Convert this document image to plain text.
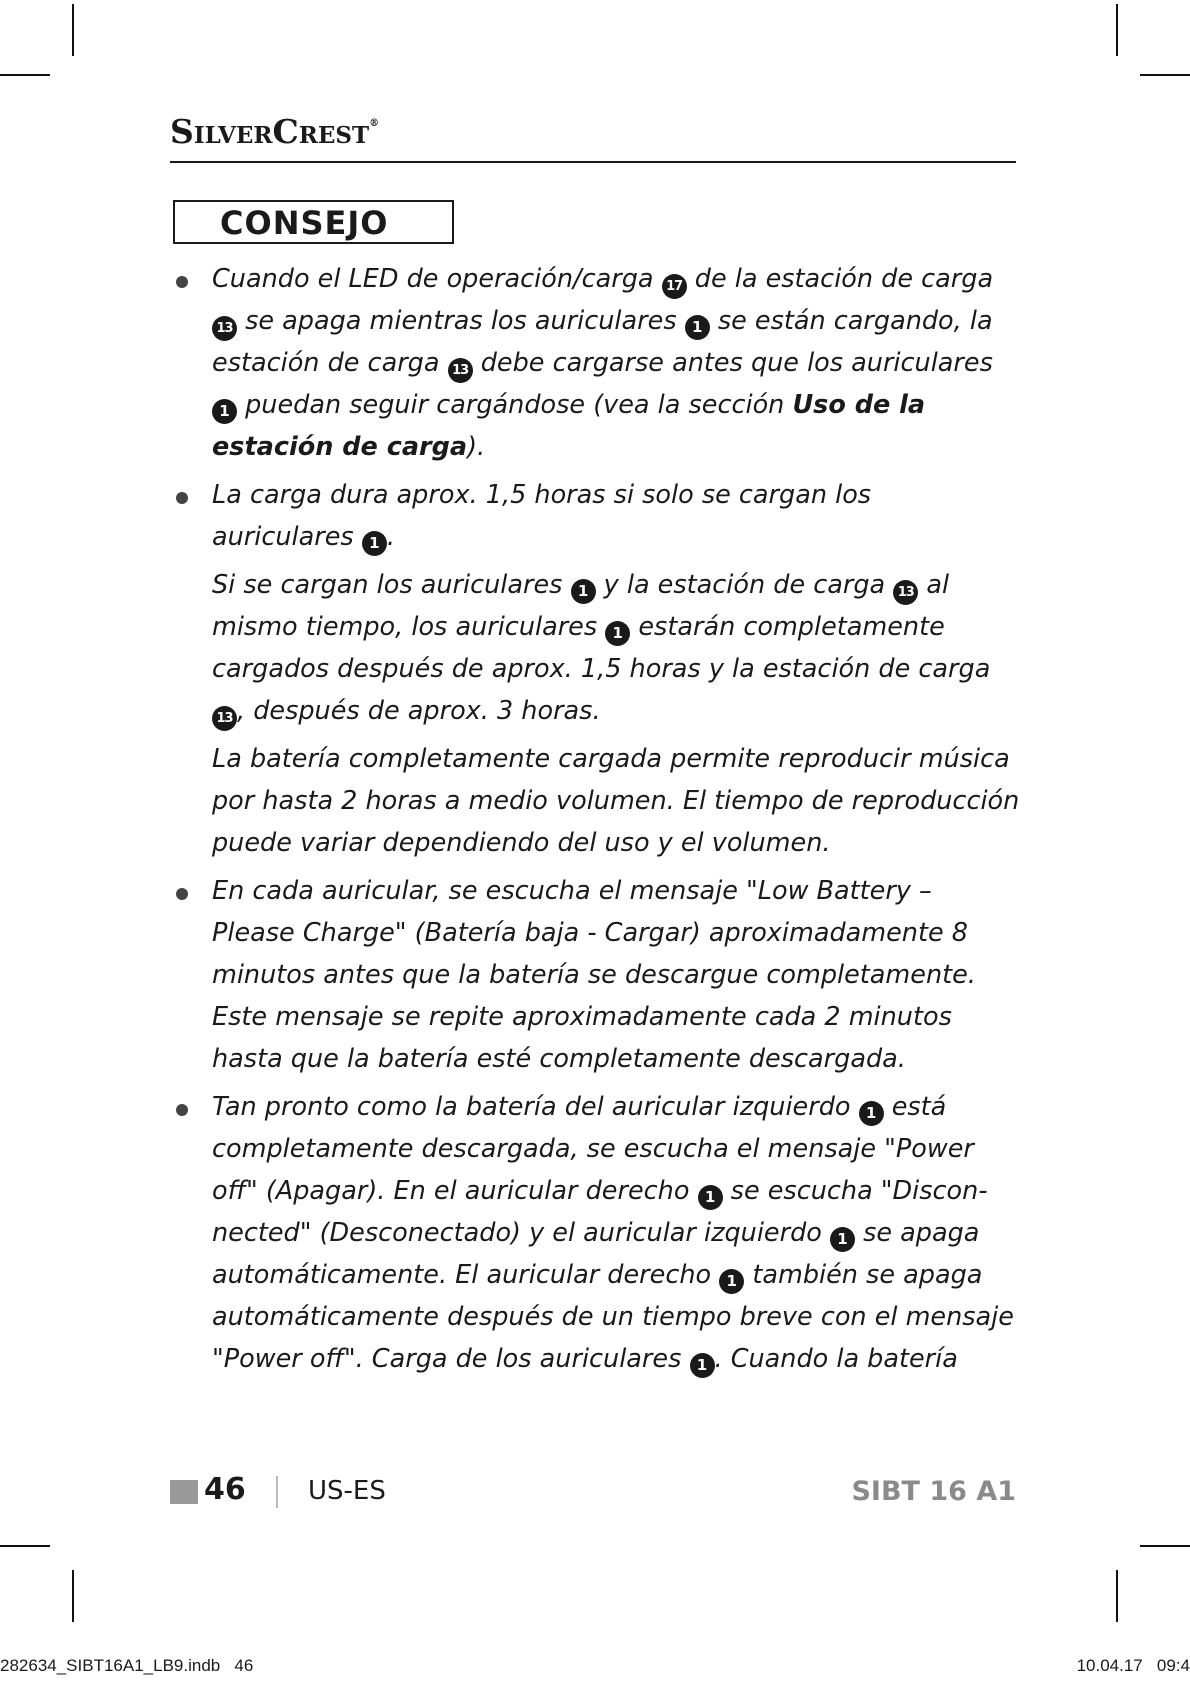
SilverCrest®
CONSEJO

Cuando el LED de operación/carga 17 de la estación de carga 13 se apaga mientras los auriculares 1 se están cargando, la estación de carga 13 debe cargarse antes que los auriculares 1 puedan seguir cargándose (vea la sección Uso de la estación de carga).

La carga dura aprox. 1,5 horas si solo se cargan los auriculares 1 .

Si se cargan los auriculares 1 y la estación de carga 13 al mismo tiempo, los auriculares 1 estarán completamente cargados después de aprox. 1,5 horas y la estación de carga 13 , después de aprox. 3 horas.

La batería completamente cargada permite reproducir música por hasta 2 horas a medio volumen. El tiempo de reproducción puede variar dependiendo del uso y el volumen.

En cada auricular, se escucha el mensaje "Low Battery – Please Charge" (Batería baja - Cargar) aproximadamente 8 minutos antes que la batería se descargue completamente. Este mensaje se repite aproximadamente cada 2 minutos hasta que la batería esté completamente descargada.

Tan pronto como la batería del auricular izquierdo 1 está completamente descargada, se escucha el mensaje "Power off" (Apagar). En el auricular derecho 1 se escucha "Discon-nected" (Desconectado) y el auricular izquierdo 1 se apaga automáticamente. El auricular derecho 1 también se apaga automáticamente después de un tiempo breve con el mensaje "Power off". Carga de los auriculares 1 . Cuando la batería

46 US-ES	SIBT 16 A1
282634_SIBT16A1_LB9.indb   46	10.04.17   09:4
